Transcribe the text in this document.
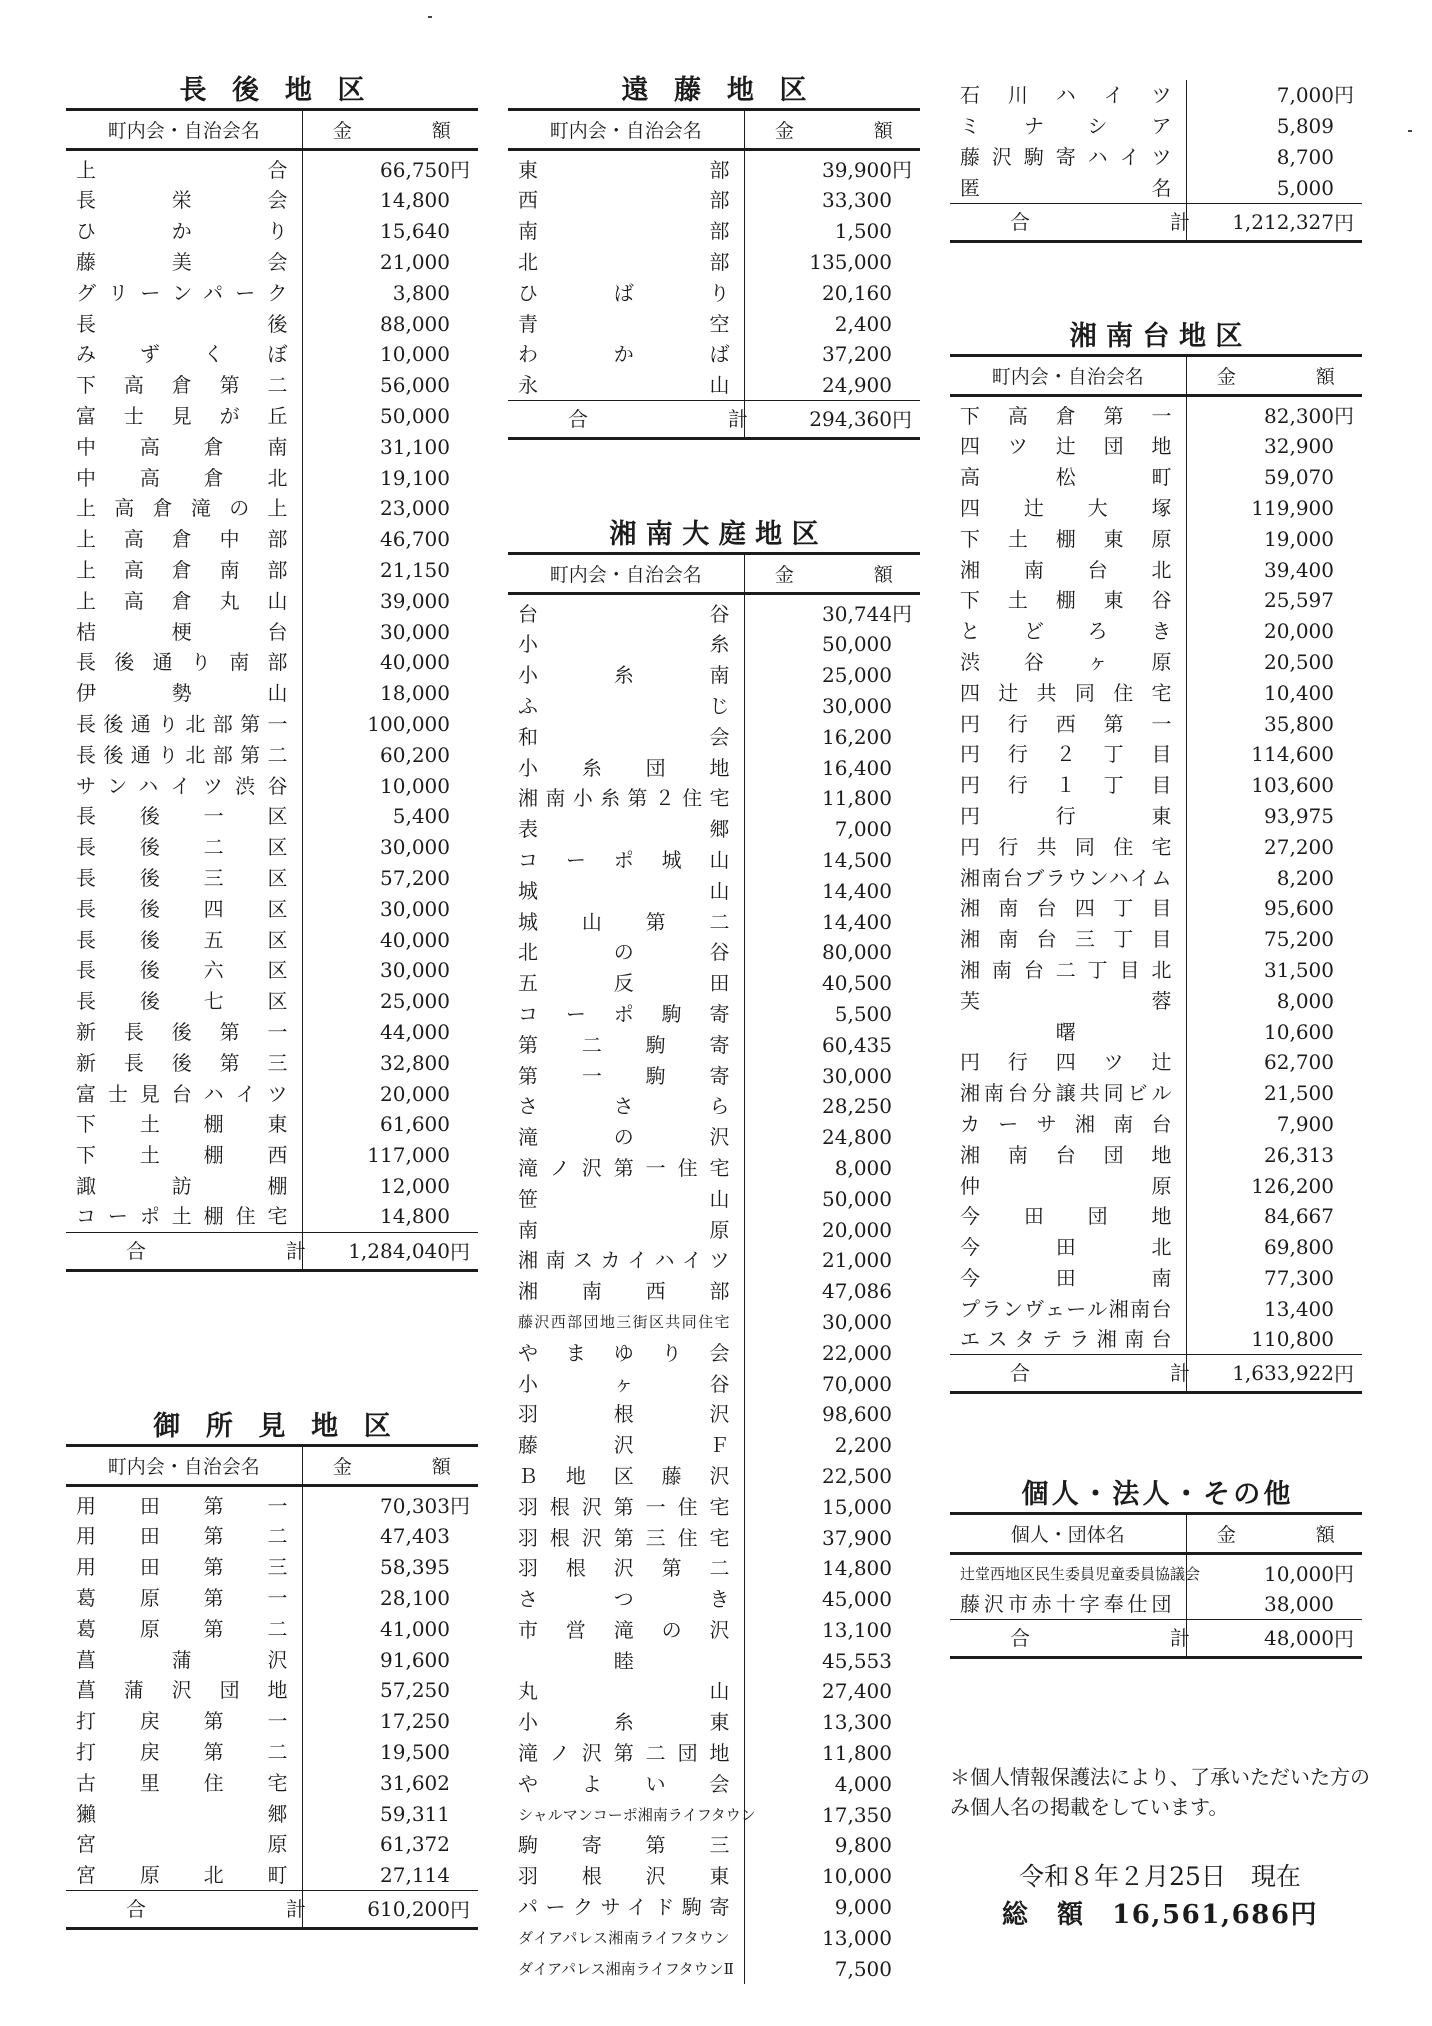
長後地区
町内会・自治会名	金　額
上合	66,750 円

長栄会	14,800
ひかり	15,640
藤美会	21,000
グリーンパーク	3,800
長後	88,000
みずくぼ	10,000
下高倉第二	56,000
富士見が丘	50,000
中高倉南	31,100
中高倉北	19,100
上高倉滝の上	23,000
上高倉中部	46,700
上高倉南部	21,150
上高倉丸山	39,000
桔梗台	30,000
長後通り南部	40,000
伊勢山	18,000
長後通り北部第一	100,000
長後通り北部第二	60,200
サンハイツ渋谷	10,000
長後一区	5,400
長後二区	30,000
長後三区	57,200
長後四区	30,000
長後五区	40,000
長後六区	30,000
長後七区	25,000
新長後第一	44,000
新長後第三	32,800
富士見台ハイツ	20,000
下土棚東	61,600
下土棚西	117,000
諏訪棚	12,000
コーポ土棚住宅	14,800
合　計	1,284,040 円
御所見地区
町内会・自治会名	金　額
用田第一	70,303 円

用田第二	47,403
用田第三	58,395
葛原第一	28,100
葛原第二	41,000
菖蒲沢	91,600
菖蒲沢団地	57,250
打戻第一	17,250
打戻第二	19,500
古里住宅	31,602
獺郷	59,311
宮原	61,372
宮原北町	27,114
合　計	610,200 円
遠藤地区
町内会・自治会名	金　額
東部	39,900 円

西部	33,300
南部	1,500
北部	135,000
ひばり	20,160
青空	2,400
わかば	37,200
永山	24,900
合　計	294,360 円
湘南大庭地区
町内会・自治会名	金　額
台谷	30,744 円

小糸	50,000
小糸南	25,000
ふじ	30,000
和会	16,200
小糸団地	16,400
湘南小糸第２住宅	11,800
表郷	7,000
コーポ城山	14,500
城山	14,400
城山第二	14,400
北の谷	80,000
五反田	40,500
コーポ駒寄	5,500
第二駒寄	60,435
第一駒寄	30,000
ささら	28,250
滝の沢	24,800
滝ノ沢第一住宅	8,000
笹山	50,000
南原	20,000
湘南スカイハイツ	21,000
湘南西部	47,086
藤沢西部団地三街区共同住宅	30,000
やまゆり会	22,000
小ヶ谷	70,000
羽根沢	98,600
藤沢Ｆ	2,200
Ｂ地区藤沢	22,500
羽根沢第一住宅	15,000
羽根沢第三住宅	37,900
羽根沢第二	14,800
さつき	45,000
市営滝の沢	13,100
睦	45,553
丸山	27,400
小糸東	13,300
滝ノ沢第二団地	11,800
やよい会	4,000
シャルマンコーポ湘南ライフタウン	17,350
駒寄第三	9,800
羽根沢東	10,000
パークサイド駒寄	9,000
ダイアパレス湘南ライフタウン	13,000
ダイアパレス湘南ライフタウンⅡ	7,500
石川ハイツ	7,000 円

ミナシア	5,809
藤沢駒寄ハイツ	8,700
匿名	5,000
合　計	1,212,327 円
湘南台地区
町内会・自治会名	金　額
下高倉第一	82,300 円

四ツ辻団地	32,900
高松町	59,070
四辻大塚	119,900
下土棚東原	19,000
湘南台北	39,400
下土棚東谷	25,597
とどろき	20,000
渋谷ヶ原	20,500
四辻共同住宅	10,400
円行西第一	35,800
円行２丁目	114,600
円行１丁目	103,600
円行東	93,975
円行共同住宅	27,200
湘南台ブラウンハイム	8,200
湘南台四丁目	95,600
湘南台三丁目	75,200
湘南台二丁目北	31,500
芙蓉	8,000
曙	10,600
円行四ツ辻	62,700
湘南台分譲共同ビル	21,500
カーサ湘南台	7,900
湘南台団地	26,313
仲原	126,200
今田団地	84,667
今田北	69,800
今田南	77,300
プランヴェール湘南台	13,400
エスタテラ湘南台	110,800
合　計	1,633,922 円
個人・法人・その他
個人・団体名	金　額
辻堂西地区民生委員児童委員協議会	10,000 円

藤沢市赤十字奉仕団	38,000
合　計	48,000 円
＊個人情報保護法により、了承いただいた方のみ個人名の掲載をしています。
令和８年２月25日　現在
総　額　16,561,686円
